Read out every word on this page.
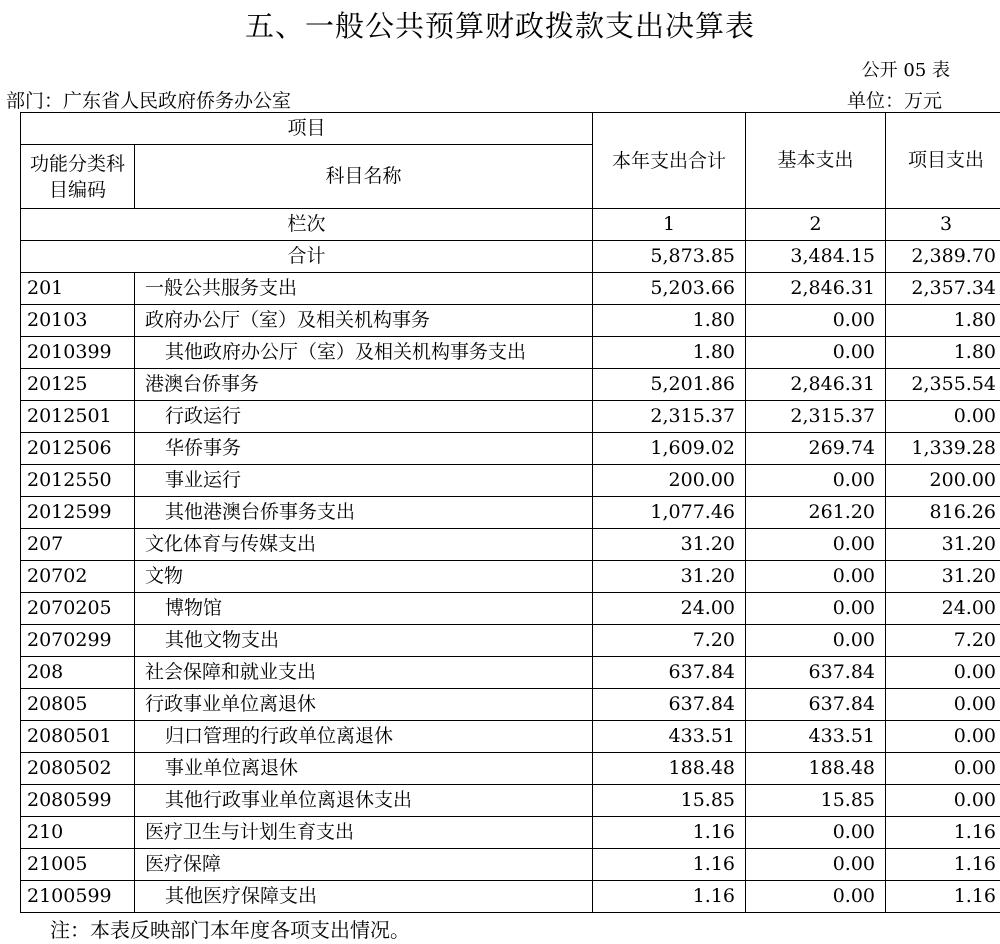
五、一般公共预算财政拨款支出决算表
公开 05 表
部门：广东省人民政府侨务办公室	单位：万元
项目		本年支出合计	基本支出	项目支出
功能分类科目编码	科目名称			
栏次		1	2	3
合计		5,873.85	3,484.15	2,389.70
201	一般公共服务支出	5,203.66	2,846.31	2,357.34
20103	政府办公厅（室）及相关机构事务	1.80	0.00	1.80
2010399	其他政府办公厅（室）及相关机构事务支出	1.80	0.00	1.80
20125	港澳台侨事务	5,201.86	2,846.31	2,355.54
2012501	行政运行	2,315.37	2,315.37	0.00
2012506	华侨事务	1,609.02	269.74	1,339.28
2012550	事业运行	200.00	0.00	200.00
2012599	其他港澳台侨事务支出	1,077.46	261.20	816.26
207	文化体育与传媒支出	31.20	0.00	31.20
20702	文物	31.20	0.00	31.20
2070205	博物馆	24.00	0.00	24.00
2070299	其他文物支出	7.20	0.00	7.20
208	社会保障和就业支出	637.84	637.84	0.00
20805	行政事业单位离退休	637.84	637.84	0.00
2080501	归口管理的行政单位离退休	433.51	433.51	0.00
2080502	事业单位离退休	188.48	188.48	0.00
2080599	其他行政事业单位离退休支出	15.85	15.85	0.00
210	医疗卫生与计划生育支出	1.16	0.00	1.16
21005	医疗保障	1.16	0.00	1.16
2100599	其他医疗保障支出	1.16	0.00	1.16
注：本表反映部门本年度各项支出情况。
